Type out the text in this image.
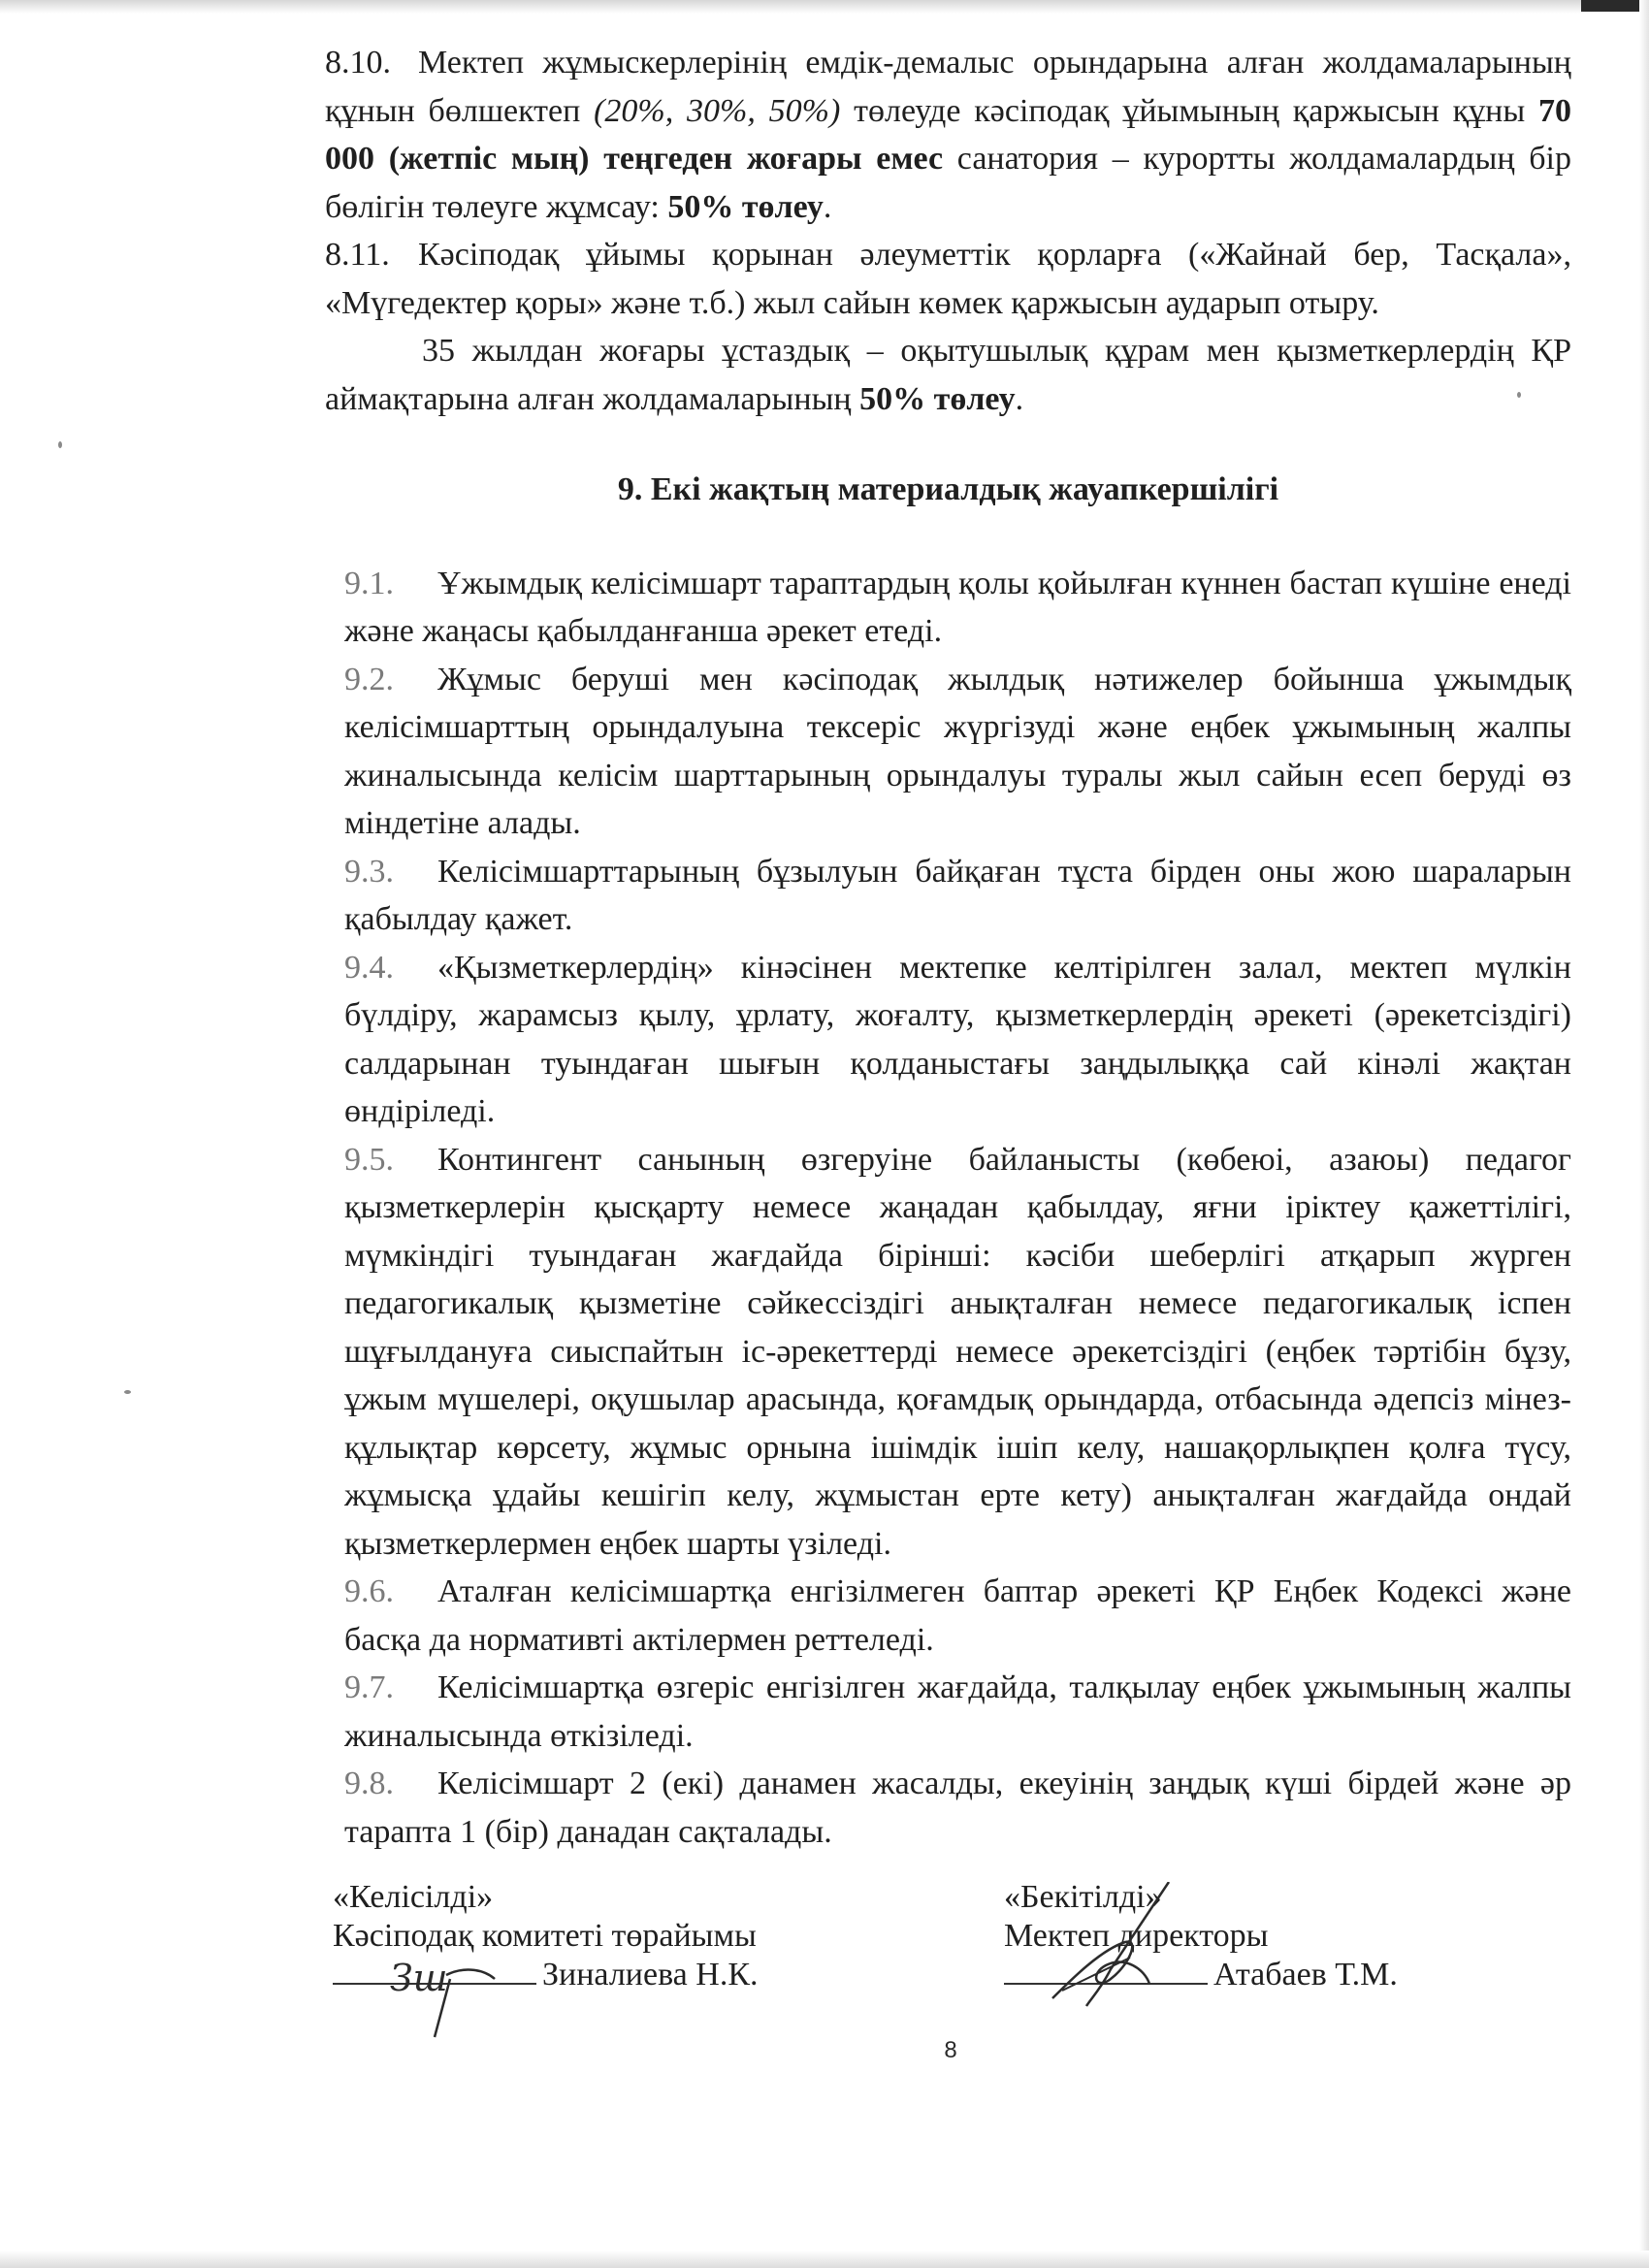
8.10. Мектеп жұмыскерлерінің емдік-демалыс орындарына алған жолдамаларының құнын бөлшектеп (20%, 30%, 50%) төлеуде кәсіподақ ұйымының қаржысын құны 70 000 (жетпіс мың) теңгеден жоғары емес санатория – курортты жолдамалардың бір бөлігін төлеуге жұмсау: 50% төлеу.

8.11. Кәсіподақ ұйымы қорынан әлеуметтік қорларға («Жайнай бер, Тасқала», «Мүгедектер қоры» және т.б.) жыл сайын көмек қаржысын аударып отыру.

35 жылдан жоғары ұстаздық – оқытушылық құрам мен қызметкерлердің ҚР аймақтарына алған жолдамаларының 50% төлеу.

9. Екі жақтың материалдық жауапкершілігі

9.1. Ұжымдық келісімшарт тараптардың қолы қойылған күннен бастап күшіне енеді және жаңасы қабылданғанша әрекет етеді.

9.2. Жұмыс беруші мен кәсіподақ жылдық нәтижелер бойынша ұжымдық келісімшарттың орындалуына тексеріс жүргізуді және еңбек ұжымының жалпы жиналысында келісім шарттарының орындалуы туралы жыл сайын есеп беруді өз міндетіне алады.

9.3. Келісімшарттарының бұзылуын байқаған тұста бірден оны жою шараларын қабылдау қажет.

9.4. «Қызметкерлердің» кінәсінен мектепке келтірілген залал, мектеп мүлкін бүлдіру, жарамсыз қылу, ұрлату, жоғалту, қызметкерлердің әрекеті (әрекетсіздігі) салдарынан туындаған шығын қолданыстағы заңдылыққа сай кінәлі жақтан өндіріледі.

9.5. Контингент санының өзгеруіне байланысты (көбеюі, азаюы) педагог қызметкерлерін қысқарту немесе жаңадан қабылдау, яғни іріктеу қажеттілігі, мүмкіндігі туындаған жағдайда бірінші: кәсіби шеберлігі атқарып жүрген педагогикалық қызметіне сәйкессіздігі анықталған немесе педагогикалық іспен шұғылдануға сиыспайтын іс-әрекеттерді немесе әрекетсіздігі (еңбек тәртібін бұзу, ұжым мүшелері, оқушылар арасында, қоғамдық орындарда, отбасында әдепсіз мінез-құлықтар көрсету, жұмыс орнына ішімдік ішіп келу, нашақорлықпен қолға түсу, жұмысқа ұдайы кешігіп келу, жұмыстан ерте кету) анықталған жағдайда ондай қызметкерлермен еңбек шарты үзіледі.

9.6. Аталған келісімшартқа енгізілмеген баптар әрекеті ҚР Еңбек Кодексі және басқа да нормативті актілермен реттеледі.

9.7. Келісімшартқа өзгеріс енгізілген жағдайда, талқылау еңбек ұжымының жалпы жиналысында өткізіледі.

9.8. Келісімшарт 2 (екі) данамен жасалды, екеуінің заңдық күші бірдей және әр тарапта 1 (бір) данадан сақталады.

«Келісілді»
Кәсіподақ комитеті төрайымы
Зиналиева Н.К.
«Бекітілді»
Мектеп директоры
Атабаев Т.М.
Зш
8
